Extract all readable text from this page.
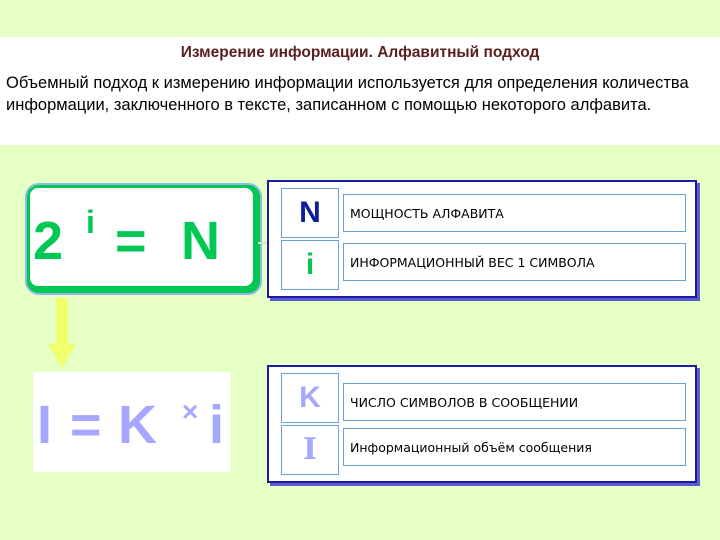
Измерение информации. Алфавитный подход
Объемный подход к измерению информации используется для определения количества информации, заключенного в тексте, записанном с помощью некоторого алфавита.
2 i = N
I = K × i
N	МОЩНОСТЬ АЛФАВИТА
i	ИНФОРМАЦИОННЫЙ ВЕС 1 СИМВОЛА
K	ЧИСЛО СИМВОЛОВ В СООБЩЕНИИ
I	Информационный объём сообщения
